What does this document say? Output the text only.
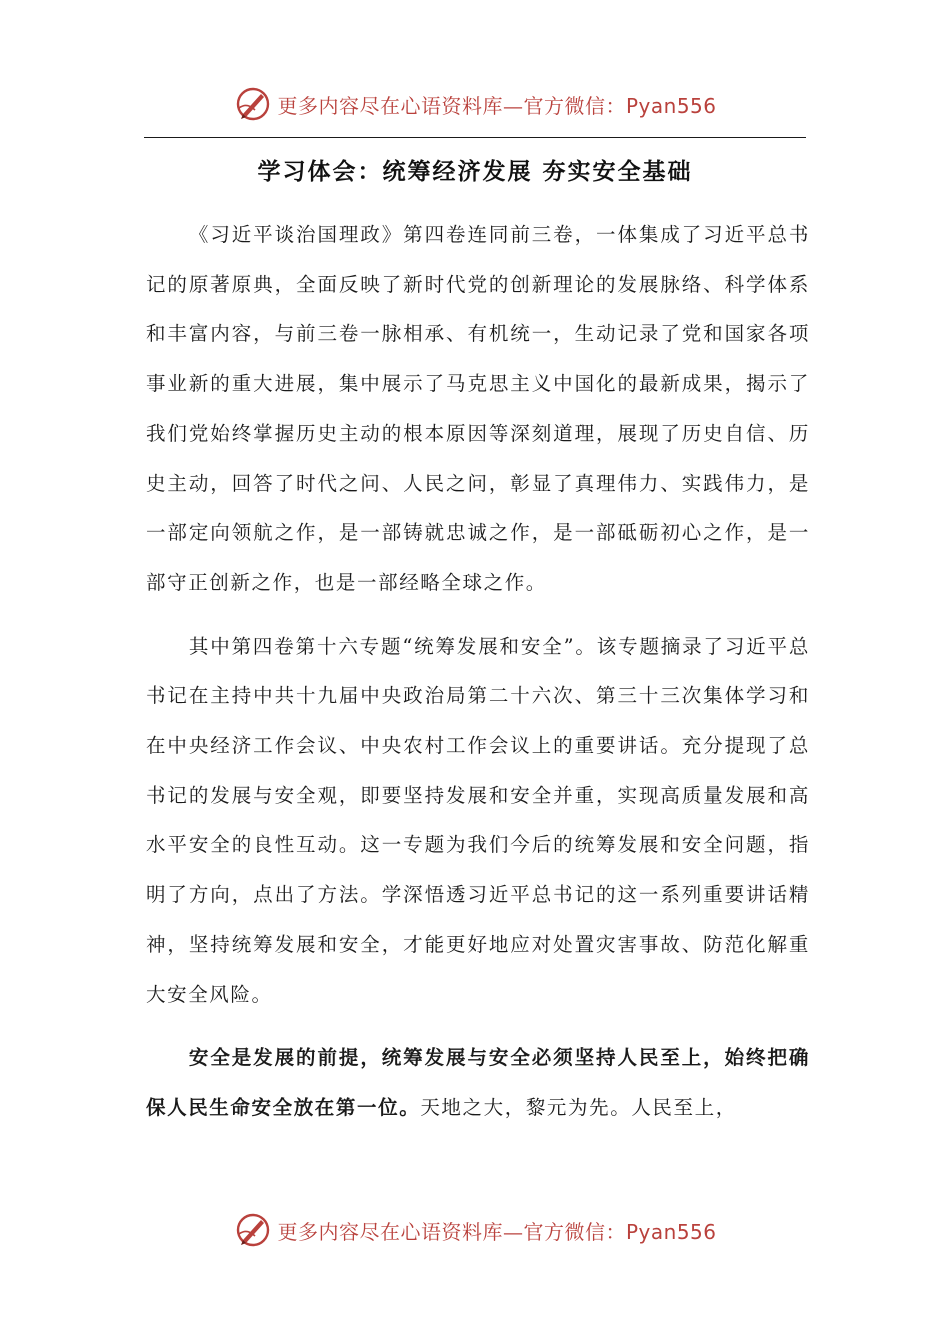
更多内容尽在心语资料库—官方微信：Pyan556
学习体会：统筹经济发展 夯实安全基础

《习近平谈治国理政》第四卷连同前三卷，一体集成了习近平总书记的原著原典，全面反映了新时代党的创新理论的发展脉络、科学体系和丰富内容，与前三卷一脉相承、有机统一，生动记录了党和国家各项事业新的重大进展，集中展示了马克思主义中国化的最新成果，揭示了我们党始终掌握历史主动的根本原因等深刻道理，展现了历史自信、历史主动，回答了时代之问、人民之问，彰显了真理伟力、实践伟力，是一部定向领航之作，是一部铸就忠诚之作，是一部砥砺初心之作，是一部守正创新之作，也是一部经略全球之作。

其中第四卷第十六专题“统筹发展和安全”。该专题摘录了习近平总书记在主持中共十九届中央政治局第二十六次、第三十三次集体学习和在中央经济工作会议、中央农村工作会议上的重要讲话。充分提现了总书记的发展与安全观，即要坚持发展和安全并重，实现高质量发展和高水平安全的良性互动。这一专题为我们今后的统筹发展和安全问题，指明了方向，点出了方法。学深悟透习近平总书记的这一系列重要讲话精神，坚持统筹发展和安全，才能更好地应对处置灾害事故、防范化解重大安全风险。

安全是发展的前提，统筹发展与安全必须坚持人民至上，始终把确保人民生命安全放在第一位。天地之大，黎元为先。人民至上，

更多内容尽在心语资料库—官方微信：Pyan556
